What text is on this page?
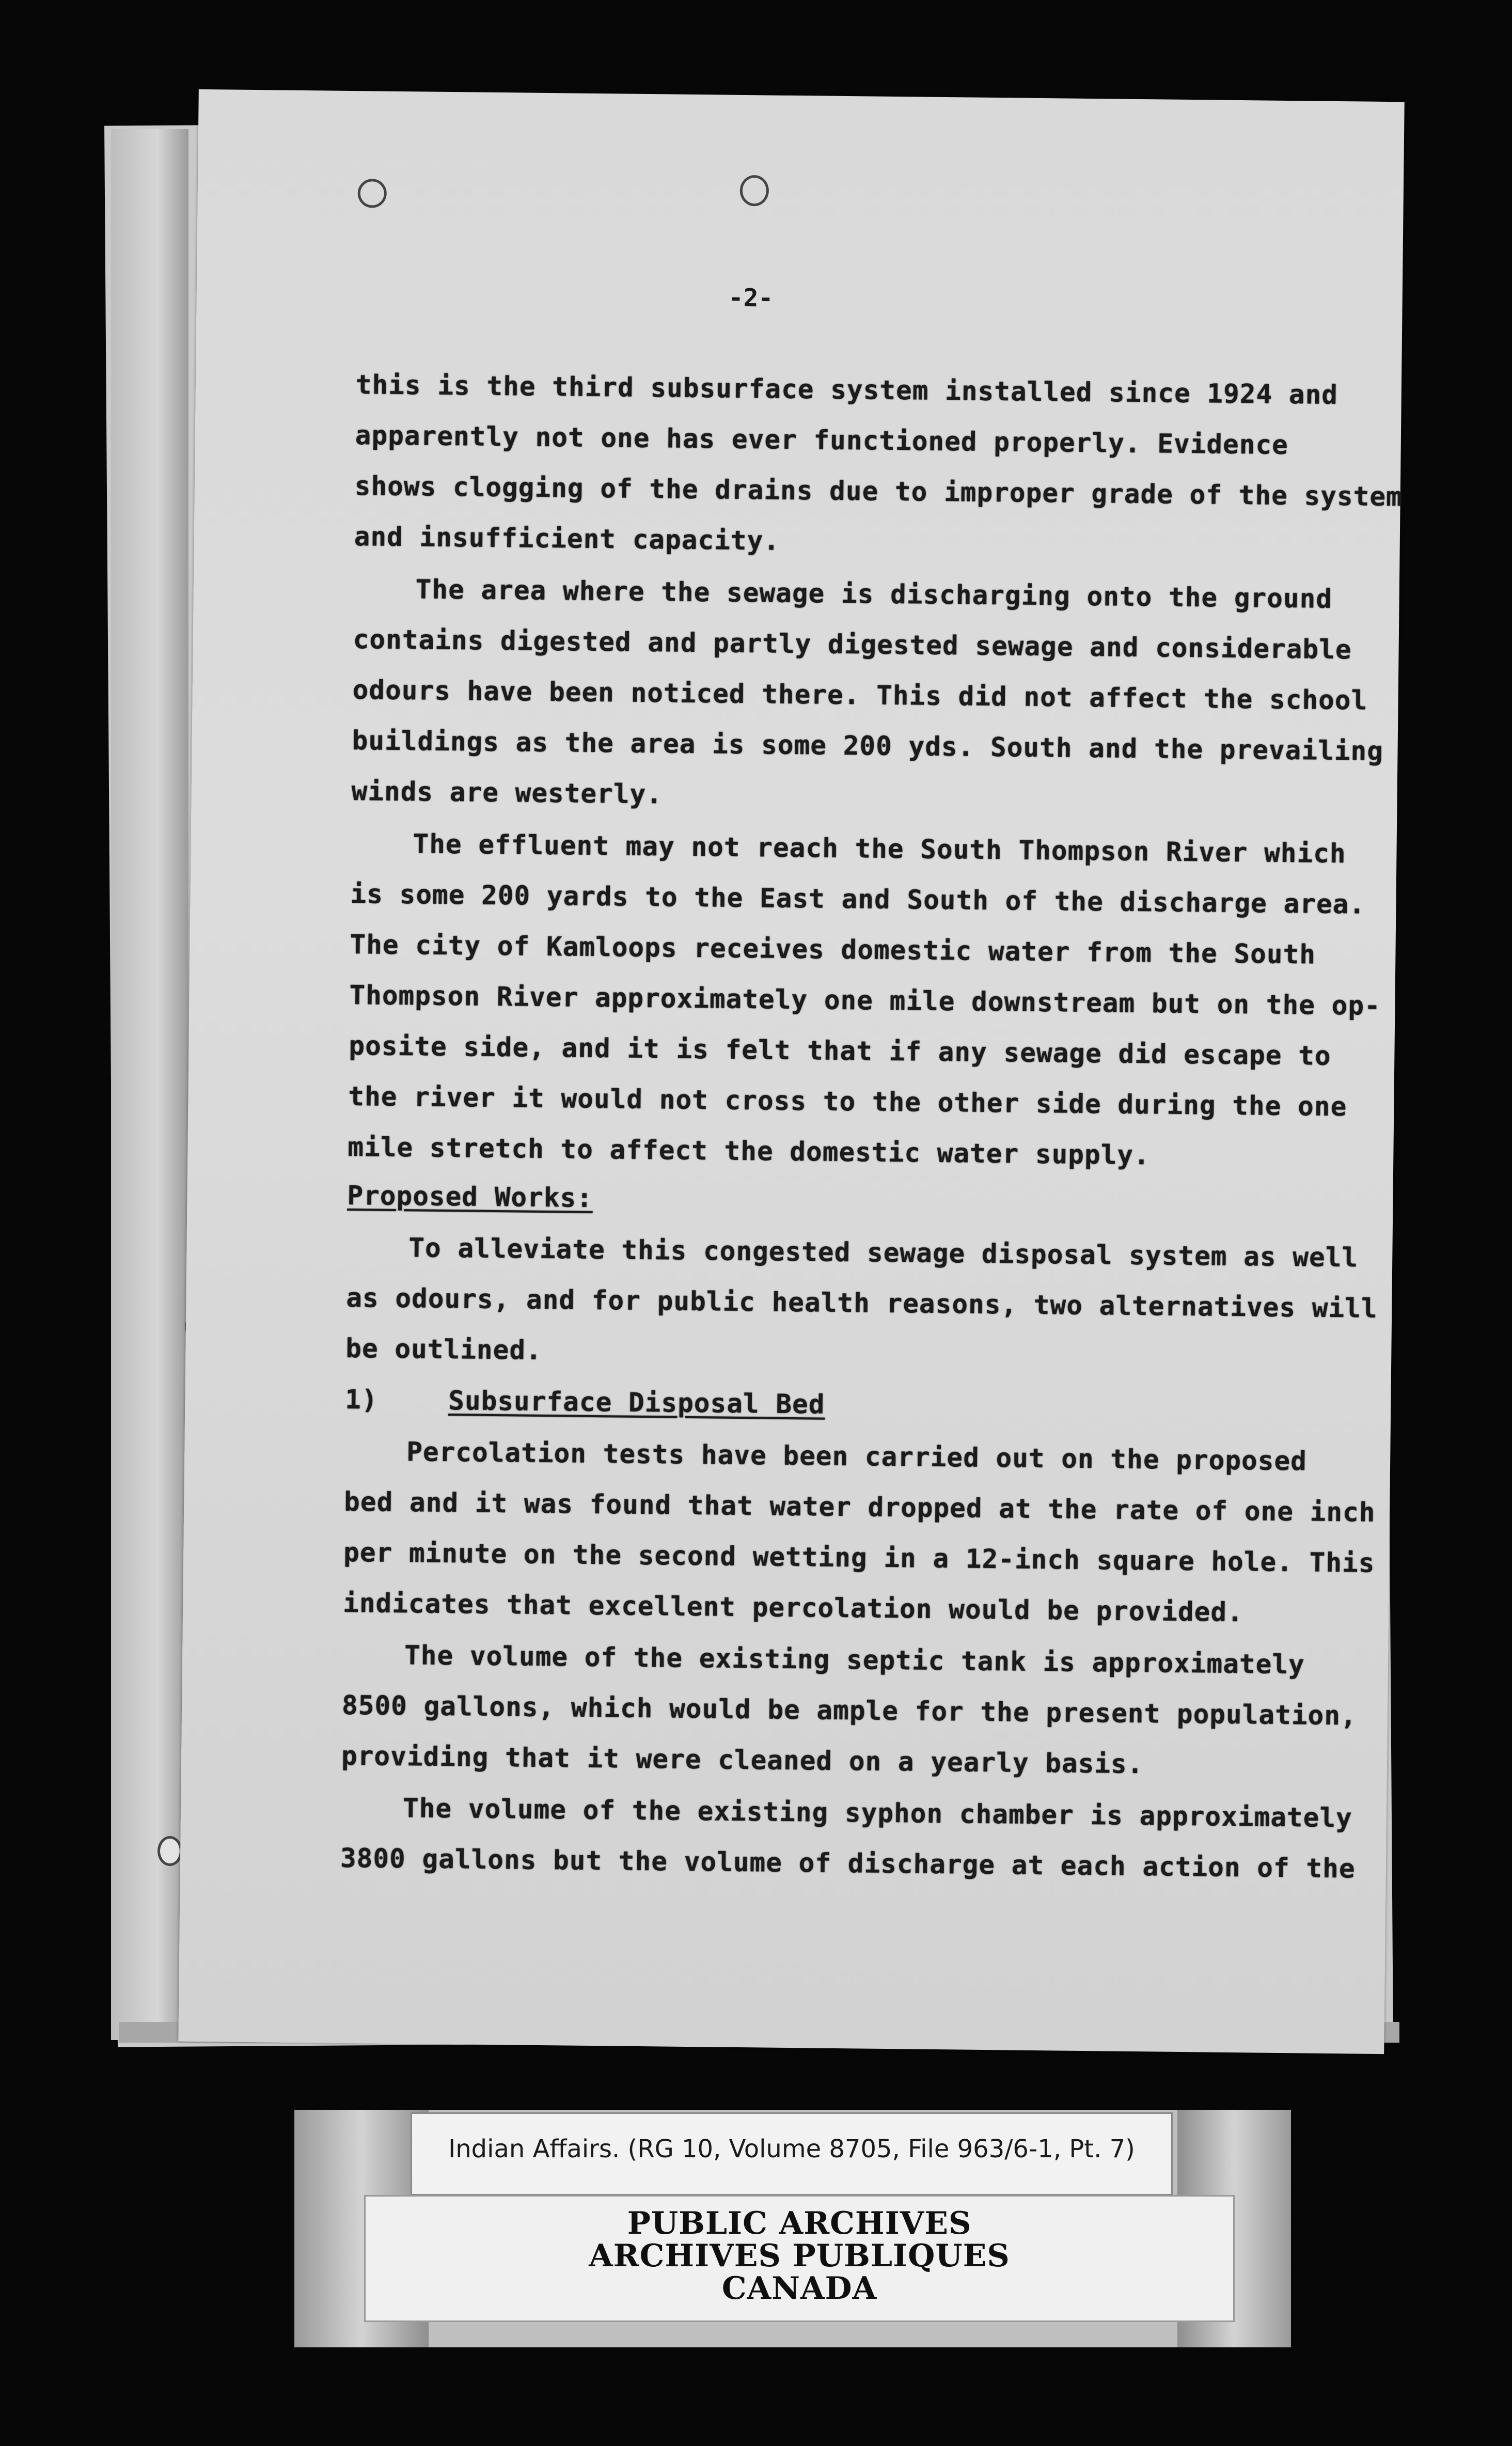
-2-
this is the third subsurface system installed since 1924 and
apparently not one has ever functioned properly. Evidence
shows clogging of the drains due to improper grade of the system
and insufficient capacity.
The area where the sewage is discharging onto the ground
contains digested and partly digested sewage and considerable
odours have been noticed there. This did not affect the school
buildings as the area is some 200 yds. South and the prevailing
winds are westerly.
The effluent may not reach the South Thompson River which
is some 200 yards to the East and South of the discharge area.
The city of Kamloops receives domestic water from the South
Thompson River approximately one mile downstream but on the op-
posite side, and it is felt that if any sewage did escape to
the river it would not cross to the other side during the one
mile stretch to affect the domestic water supply.
Proposed Works:
To alleviate this congested sewage disposal system as well
as odours, and for public health reasons, two alternatives will
be outlined.
1)	Subsurface Disposal Bed
Percolation tests have been carried out on the proposed
bed and it was found that water dropped at the rate of one inch
per minute on the second wetting in a 12-inch square hole. This
indicates that excellent percolation would be provided.
The volume of the existing septic tank is approximately
8500 gallons, which would be ample for the present population,
providing that it were cleaned on a yearly basis.
The volume of the existing syphon chamber is approximately
3800 gallons but the volume of discharge at each action of the
Indian Affairs. (RG 10, Volume 8705, File 963/6-1, Pt. 7)
PUBLIC ARCHIVES
ARCHIVES PUBLIQUES
CANADA
